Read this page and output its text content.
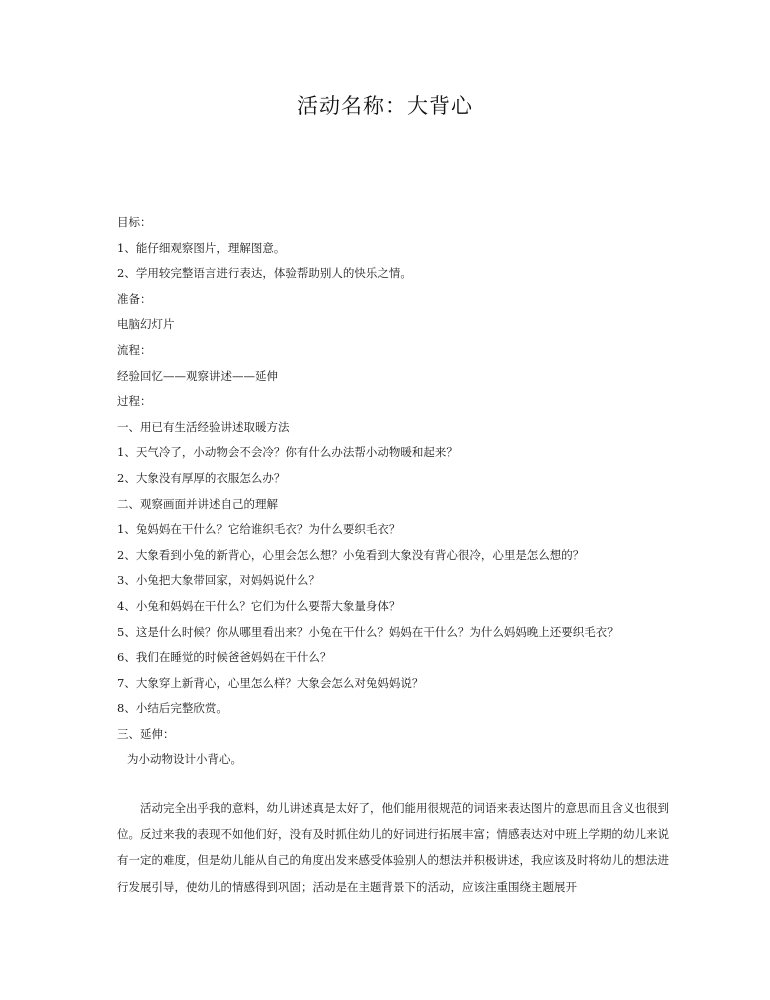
活动名称：大背心
目标：
1、能仔细观察图片，理解图意。
2、学用较完整语言进行表达，体验帮助别人的快乐之情。
准备：
电脑幻灯片
流程：
经验回忆——观察讲述——延伸
过程：
一、用已有生活经验讲述取暖方法
1、天气冷了，小动物会不会冷？你有什么办法帮小动物暖和起来？
2、大象没有厚厚的衣服怎么办？
二、观察画面并讲述自己的理解
1、兔妈妈在干什么？它给谁织毛衣？为什么要织毛衣？
2、大象看到小兔的新背心，心里会怎么想？小兔看到大象没有背心很冷，心里是怎么想的？
3、小兔把大象带回家，对妈妈说什么？
4、小兔和妈妈在干什么？它们为什么要帮大象量身体？
5、这是什么时候？你从哪里看出来？小兔在干什么？妈妈在干什么？为什么妈妈晚上还要织毛衣？
6、我们在睡觉的时候爸爸妈妈在干什么？
7、大象穿上新背心，心里怎么样？大象会怎么对兔妈妈说？
8、小结后完整欣赏。
三、延伸：
为小动物设计小背心。
活动完全出乎我的意料，幼儿讲述真是太好了，他们能用很规范的词语来表达图片的意思而且含义也很到位。反过来我的表现不如他们好，没有及时抓住幼儿的好词进行拓展丰富；情感表达对中班上学期的幼儿来说有一定的难度，但是幼儿能从自己的角度出发来感受体验别人的想法并积极讲述，我应该及时将幼儿的想法进行发展引导，使幼儿的情感得到巩固；活动是在主题背景下的活动，应该注重围绕主题展开
